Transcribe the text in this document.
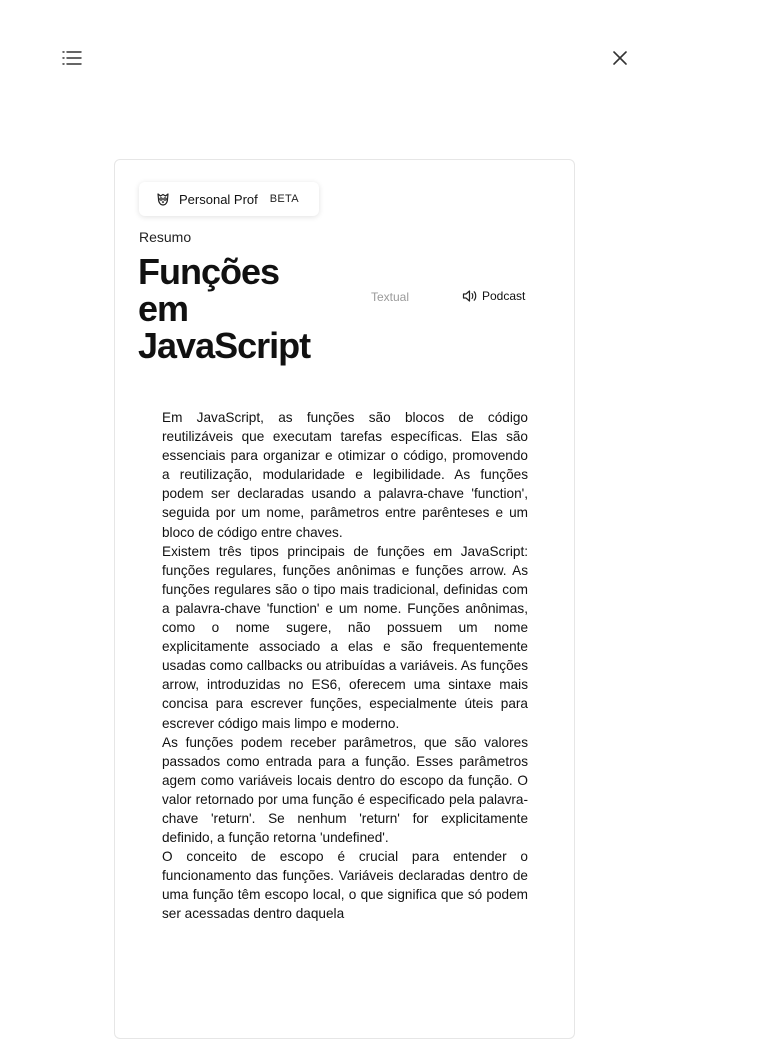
Personal Prof BETA
Resumo
Funções em JavaScript
Textual	Podcast

Em JavaScript, as funções são blocos de código reutilizáveis que executam tarefas específicas. Elas são essenciais para organizar e otimizar o código, promovendo a reutilização, modularidade e legibilidade. As funções podem ser declaradas usando a palavra-chave 'function', seguida por um nome, parâmetros entre parênteses e um bloco de código entre chaves.

Existem três tipos principais de funções em JavaScript: funções regulares, funções anônimas e funções arrow. As funções regulares são o tipo mais tradicional, definidas com a palavra-chave 'function' e um nome. Funções anônimas, como o nome sugere, não possuem um nome explicitamente associado a elas e são frequentemente usadas como callbacks ou atribuídas a variáveis. As funções arrow, introduzidas no ES6, oferecem uma sintaxe mais concisa para escrever funções, especialmente úteis para escrever código mais limpo e moderno.

As funções podem receber parâmetros, que são valores passados como entrada para a função. Esses parâmetros agem como variáveis locais dentro do escopo da função. O valor retornado por uma função é especificado pela palavra-chave 'return'. Se nenhum 'return' for explicitamente definido, a função retorna 'undefined'.

O conceito de escopo é crucial para entender o funcionamento das funções. Variáveis declaradas dentro de uma função têm escopo local, o que significa que só podem ser acessadas dentro daquela
